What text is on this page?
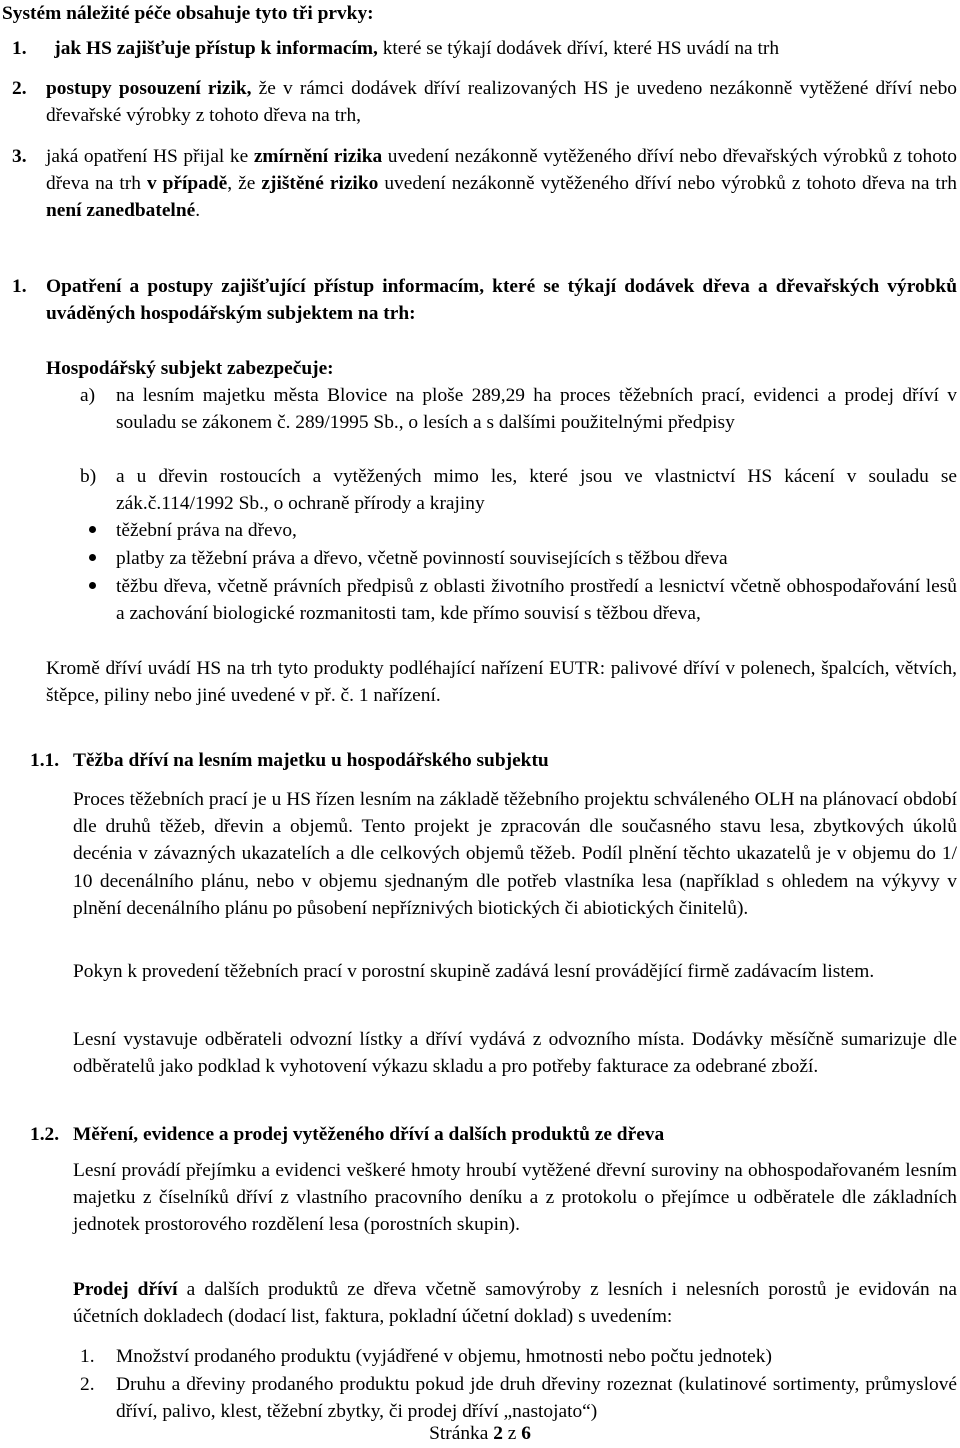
Systém náležité péče obsahuje tyto tři prvky:
1. jak HS zajišťuje přístup k informacím, které se týkají dodávek dříví, které HS uvádí na trh
2. postupy posouzení rizik, že v rámci dodávek dříví realizovaných HS je uvedeno nezákonně vytěžené dříví nebo dřevařské výrobky z tohoto dřeva na trh,
3. jaká opatření HS přijal ke zmírnění rizika uvedení nezákonně vytěženého dříví nebo dřevařských výrobků z tohoto dřeva na trh v případě, že zjištěné riziko uvedení nezákonně vytěženého dříví nebo výrobků z tohoto dřeva na trh není zanedbatelné.
1. Opatření a postupy zajišťující přístup informacím, které se týkají dodávek dřeva a dřevařských výrobků uváděných hospodářským subjektem na trh:
Hospodářský subjekt zabezpečuje:
a) na lesním majetku města Blovice na ploše 289,29 ha proces těžebních prací, evidenci a prodej dříví v souladu se zákonem č. 289/1995 Sb., o lesích a s dalšími použitelnými předpisy
b) a u dřevin rostoucích a vytěžených mimo les, které jsou ve vlastnictví HS kácení v souladu se zák.č.114/1992 Sb., o ochraně přírody a krajiny
těžební práva na dřevo,
platby za těžební práva a dřevo, včetně povinností souvisejících s těžbou dřeva
těžbu dřeva, včetně právních předpisů z oblasti životního prostředí a lesnictví včetně obhospodařování lesů a zachování biologické rozmanitosti tam, kde přímo souvisí s těžbou dřeva,
Kromě dříví uvádí HS na trh tyto produkty podléhající nařízení EUTR: palivové dříví v polenech, špalcích, větvích, štěpce, piliny nebo jiné uvedené v př. č. 1 nařízení.
1.1. Těžba dříví na lesním majetku u hospodářského subjektu
Proces těžebních prací je u HS řízen lesním na základě těžebního projektu schváleného OLH na plánovací období dle druhů těžeb, dřevin a objemů. Tento projekt je zpracován dle současného stavu lesa, zbytkových úkolů decénia v závazných ukazatelích a dle celkových objemů těžeb. Podíl plnění těchto ukazatelů je v objemu do 1/ 10 decenálního plánu, nebo v objemu sjednaným dle potřeb vlastníka lesa (například s ohledem na výkyvy v plnění decenálního plánu po působení nepříznivých biotických či abiotických činitelů).
Pokyn k provedení těžebních prací v porostní skupině zadává lesní provádějící firmě zadávacím listem.
Lesní vystavuje odběrateli odvozní lístky a dříví vydává z odvozního místa. Dodávky měsíčně sumarizuje dle odběratelů jako podklad k vyhotovení výkazu skladu a pro potřeby fakturace za odebrané zboží.
1.2. Měření, evidence a prodej vytěženého dříví a dalších produktů ze dřeva
Lesní provádí přejímku a evidenci veškeré hmoty hroubí vytěžené dřevní suroviny na obhospodařovaném lesním majetku z číselníků dříví z vlastního pracovního deníku a z protokolu o přejímce u odběratele dle základních jednotek prostorového rozdělení lesa (porostních skupin).
Prodej dříví a dalších produktů ze dřeva včetně samovýroby z lesních i nelesních porostů je evidován na účetních dokladech (dodací list, faktura, pokladní účetní doklad) s uvedením:
1. Množství prodaného produktu (vyjádřené v objemu, hmotnosti nebo počtu jednotek)
2. Druhu a dřeviny prodaného produktu pokud jde druh dřeviny rozeznat (kulatinové sortimenty, průmyslové dříví, palivo, klest, těžební zbytky, či prodej dříví „nastojato“)
Stránka 2 z 6
